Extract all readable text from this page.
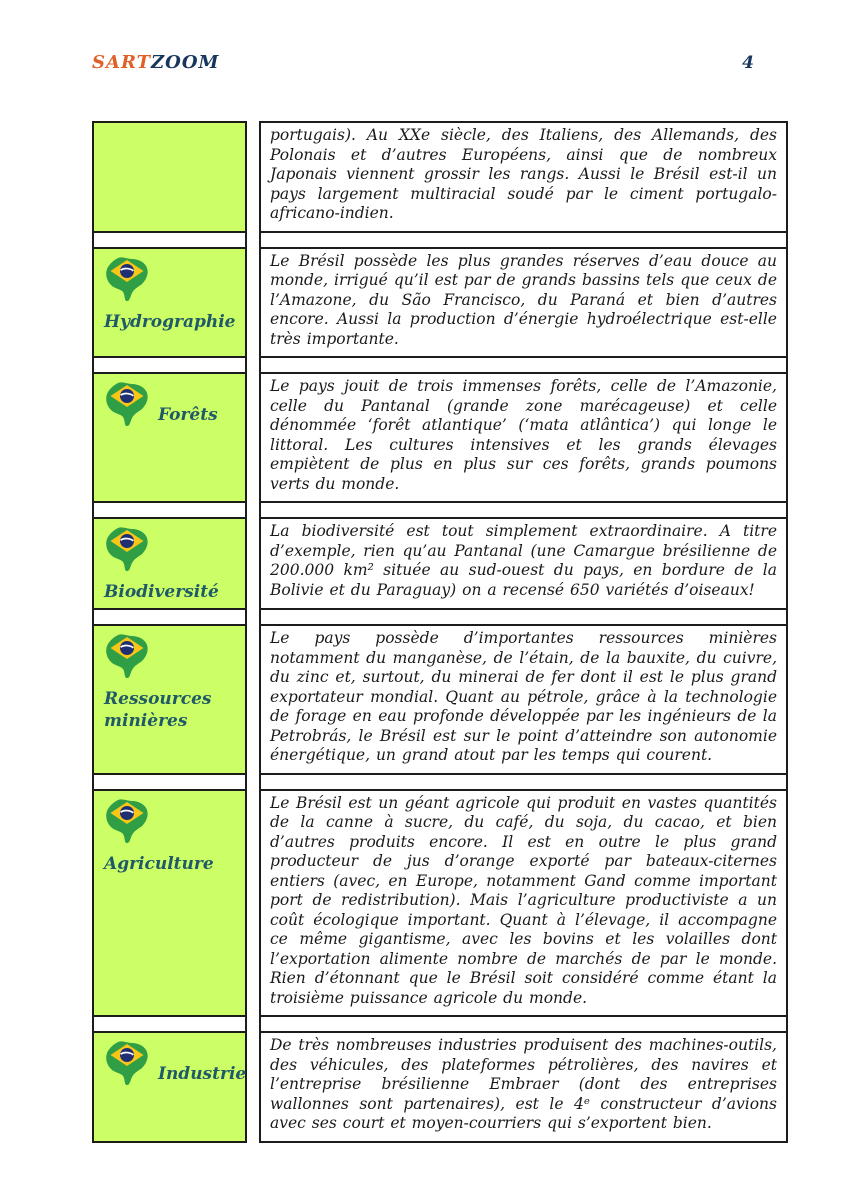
SARTZOOM	4

		portugais). Au XXe siècle, des Italiens, des Allemands, des Polonais et d’autres Européens, ainsi que de nombreux Japonais viennent grossir les rangs. Aussi le Brésil est-il un pays largement multiracial soudé par le ciment portugalo-africano-indien.

Hydrographie		Le Brésil possède les plus grandes réserves d’eau douce au monde, irrigué qu’il est par de grands bassins tels que ceux de l’Amazone, du São Francisco, du Paraná et bien d’autres encore. Aussi la production d’énergie hydroélectrique est-elle très importante.

Forêts		Le pays jouit de trois immenses forêts, celle de l’Amazonie, celle du Pantanal (grande zone marécageuse) et celle dénommée ‘forêt atlantique’ (‘mata atlântica’) qui longe le littoral. Les cultures intensives et les grands élevages empiètent de plus en plus sur ces forêts, grands poumons verts du monde.

Biodiversité		La biodiversité est tout simplement extraordinaire. A titre d’exemple, rien qu’au Pantanal (une Camargue brésilienne de 200.000 km² située au sud-ouest du pays, en bordure de la Bolivie et du Paraguay) on a recensé 650 variétés d’oiseaux!

Ressources minières		Le pays possède d’importantes ressources minières notamment du manganèse, de l’étain, de la bauxite, du cuivre, du zinc et, surtout, du minerai de fer dont il est le plus grand exportateur mondial. Quant au pétrole, grâce à la technologie de forage en eau profonde développée par les ingénieurs de la Petrobrás, le Brésil est sur le point d’atteindre son autonomie énergétique, un grand atout par les temps qui courent.

Agriculture		Le Brésil est un géant agricole qui produit en vastes quantités de la canne à sucre, du café, du soja, du cacao, et bien d’autres produits encore. Il est en outre le plus grand producteur de jus d’orange exporté par bateaux-citernes entiers (avec, en Europe, notamment Gand comme important port de redistribution). Mais l’agriculture productiviste a un coût écologique important. Quant à l’élevage, il accompagne ce même gigantisme, avec les bovins et les volailles dont l’exportation alimente nombre de marchés de par le monde. Rien d’étonnant que le Brésil soit considéré comme étant la troisième puissance agricole du monde.

Industrie		De très nombreuses industries produisent des machines-outils, des véhicules, des plateformes pétrolières, des navires et l’entreprise brésilienne Embraer (dont des entreprises wallonnes sont partenaires), est le 4ᵉ constructeur d’avions avec ses court et moyen-courriers qui s’exportent bien.
